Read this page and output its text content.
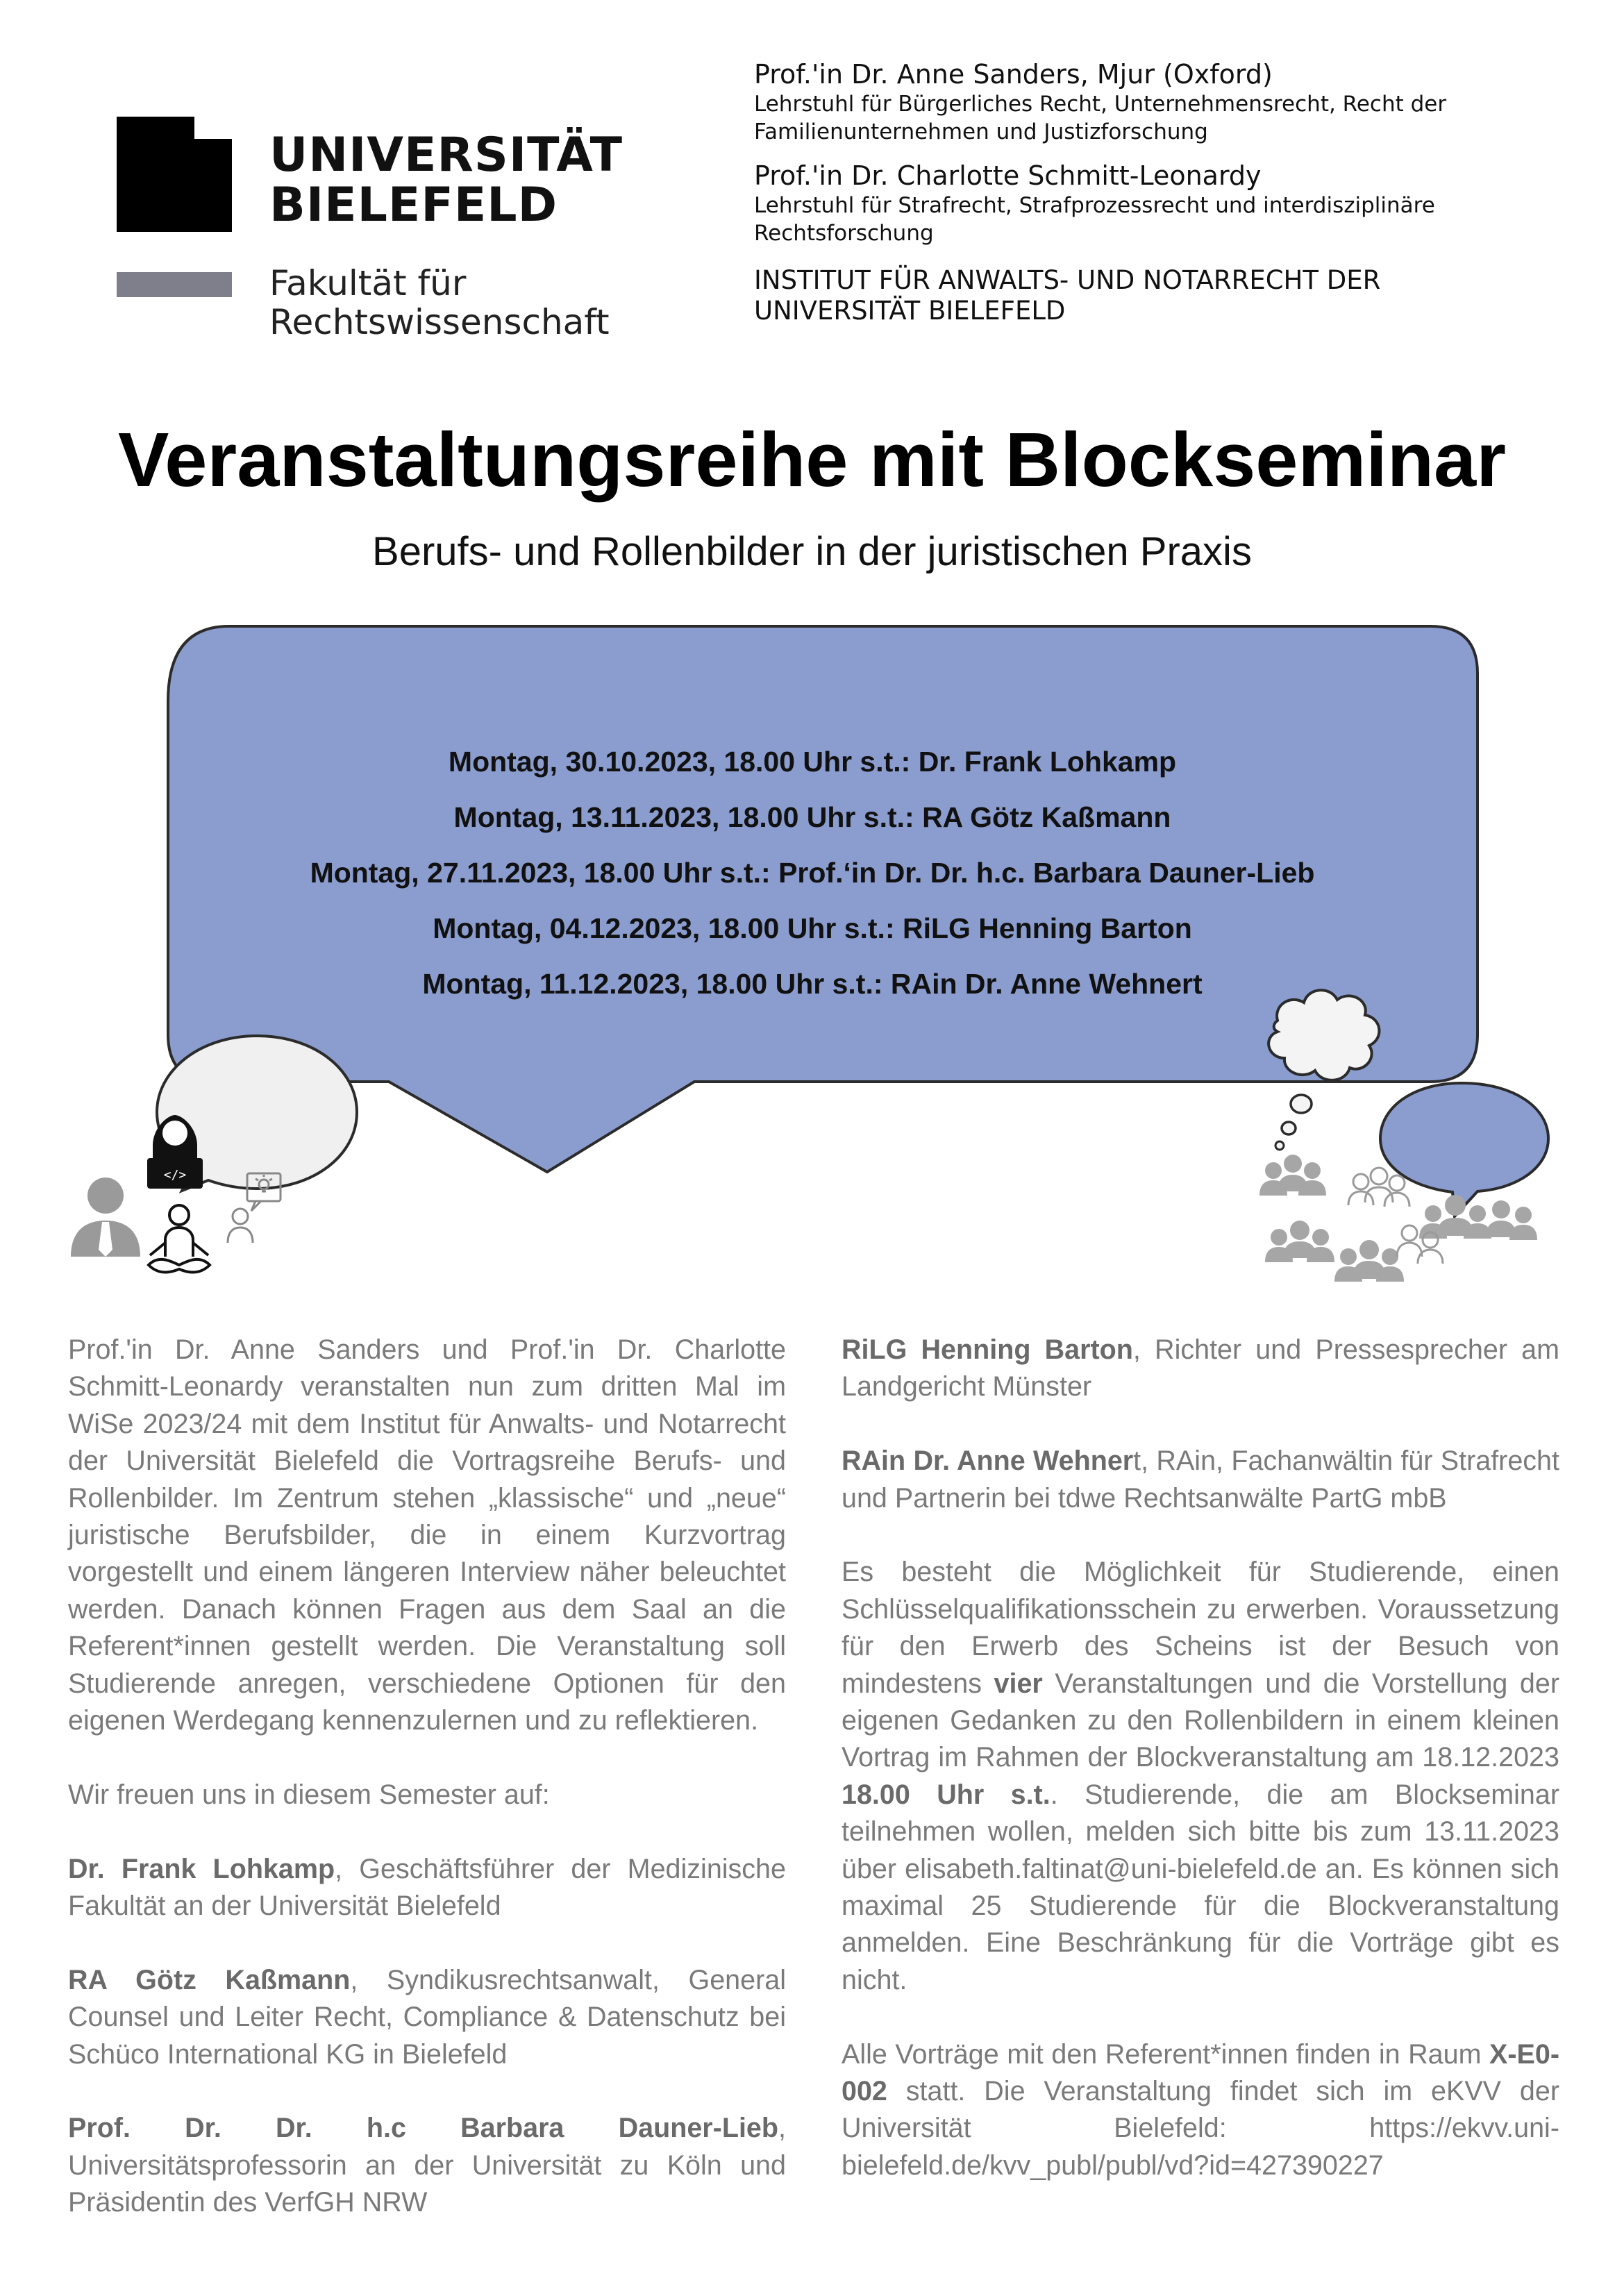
UNIVERSITÄT
BIELEFELD
Fakultät für
Rechtswissenschaft
Prof.'in Dr. Anne Sanders, Mjur (Oxford)
Lehrstuhl für Bürgerliches Recht, Unternehmensrecht, Recht der
Familienunternehmen und Justizforschung
Prof.'in Dr. Charlotte Schmitt-Leonardy
Lehrstuhl für Strafrecht, Strafprozessrecht und interdisziplinäre
Rechtsforschung
INSTITUT FÜR ANWALTS- UND NOTARRECHT DER
UNIVERSITÄT BIELEFELD
Veranstaltungsreihe mit Blockseminar
Berufs- und Rollenbilder in der juristischen Praxis
</>
Montag, 30.10.2023, 18.00 Uhr s.t.: Dr. Frank Lohkamp
Montag, 13.11.2023, 18.00 Uhr s.t.: RA Götz Kaßmann
Montag, 27.11.2023, 18.00 Uhr s.t.: Prof.‘in Dr. Dr. h.c. Barbara Dauner-Lieb
Montag, 04.12.2023, 18.00 Uhr s.t.: RiLG Henning Barton
Montag, 11.12.2023, 18.00 Uhr s.t.: RAin Dr. Anne Wehnert

Prof.'in Dr. Anne Sanders und Prof.'in Dr. Charlotte Schmitt-Leonardy veranstalten nun zum dritten Mal im WiSe 2023/24 mit dem Institut für Anwalts- und Notarrecht der Universität Bielefeld die Vortragsreihe Berufs- und Rollenbilder. Im Zentrum stehen „klassische“ und „neue“ juristische Berufsbilder, die in einem Kurzvortrag vorgestellt und einem längeren Interview näher beleuchtet werden. Danach können Fragen aus dem Saal an die Referent*innen gestellt werden. Die Veranstaltung soll Studierende anregen, verschiedene Optionen für den eigenen Werdegang kennenzulernen und zu reflektieren.

Wir freuen uns in diesem Semester auf:

Dr. Frank Lohkamp, Geschäftsführer der Medizinische Fakultät an der Universität Bielefeld

RA Götz Kaßmann, Syndikusrechtsanwalt, General Counsel und Leiter Recht, Compliance & Datenschutz bei Schüco International KG in Bielefeld

Prof. Dr. Dr. h.c Barbara Dauner-Lieb, Universitätsprofessorin an der Universität zu Köln und Präsidentin des VerfGH NRW

RiLG Henning Barton, Richter und Pressesprecher am Landgericht Münster

RAin Dr. Anne Wehnert, RAin, Fachanwältin für Strafrecht und Partnerin bei tdwe Rechtsanwälte PartG mbB

Es besteht die Möglichkeit für Studierende, einen Schlüsselqualifikationsschein zu erwerben. Voraussetzung für den Erwerb des Scheins ist der Besuch von mindestens vier Veranstaltungen und die Vorstellung der eigenen Gedanken zu den Rollenbildern in einem kleinen Vortrag im Rahmen der Blockveranstaltung am 18.12.2023 18.00 Uhr s.t.. Studierende, die am Blockseminar teilnehmen wollen, melden sich bitte bis zum 13.11.2023 über elisabeth.faltinat@uni-bielefeld.de an. Es können sich maximal 25 Studierende für die Blockveranstaltung anmelden. Eine Beschränkung für die Vorträge gibt es nicht.

Alle Vorträge mit den Referent*innen finden in Raum X-E0-002 statt. Die Veranstaltung findet sich im eKVV der Universität Bielefeld: https://ekvv.uni-bielefeld.de/kvv_publ/publ/vd?id=427390227
